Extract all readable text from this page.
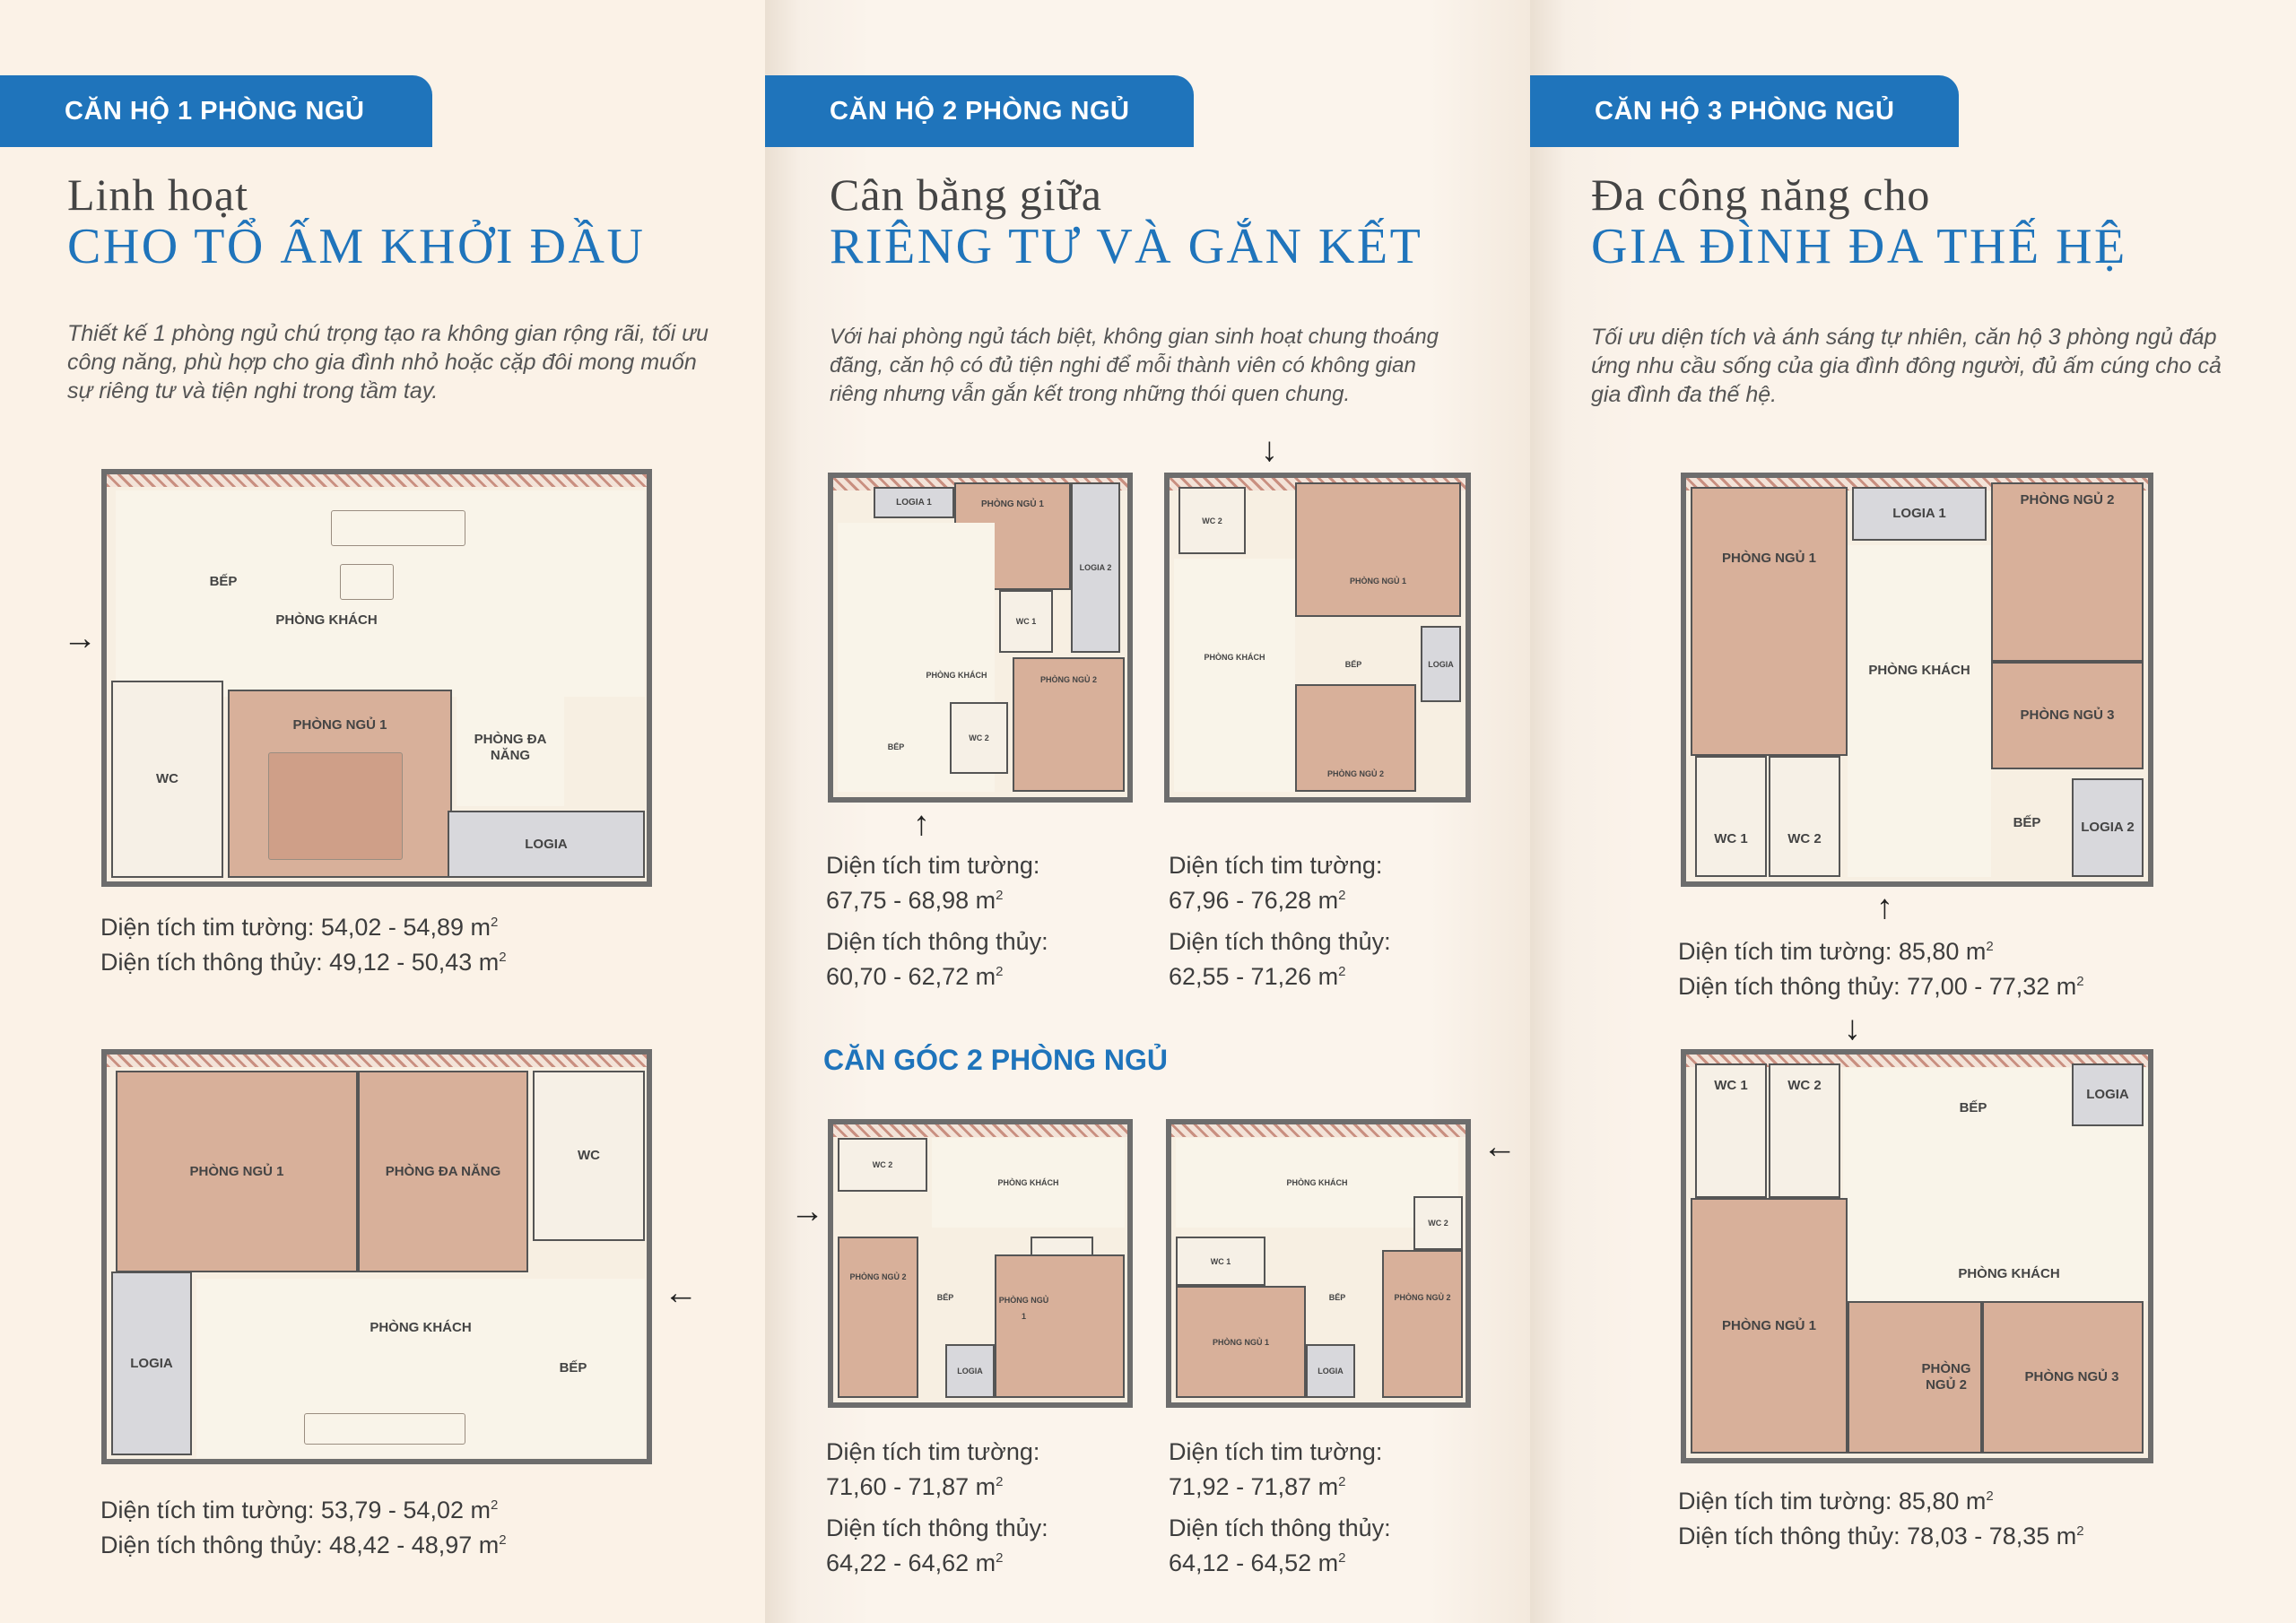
CĂN HỘ 1 PHÒNG NGỦ
Linh hoạt
CHO TỔ ẤM KHỞI ĐẦU
Thiết kế 1 phòng ngủ chú trọng tạo ra không gian rộng rãi, tối ưu công năng, phù hợp cho gia đình nhỏ hoặc cặp đôi mong muốn sự riêng tư và tiện nghi trong tầm tay.
PHÒNG KHÁCH
BẾP
WC
PHÒNG NGỦ 1
PHÒNG ĐA NĂNG
LOGIA
→
Diện tích tim tường: 54,02 - 54,89 $m^2$
Diện tích thông thủy: 49,12 - 50,43 $m^2$
PHÒNG NGỦ 1	PHÒNG ĐA NĂNG
WC
LOGIA
PHÒNG KHÁCH
BẾP
←
Diện tích tim tường: 53,79 - 54,02 $m^2$
Diện tích thông thủy: 48,42 - 48,97 $m^2$
CĂN HỘ 2 PHÒNG NGỦ
Cân bằng giữa
RIÊNG TƯ VÀ GẮN KẾT
Với hai phòng ngủ tách biệt, không gian sinh hoạt chung thoáng đãng, căn hộ có đủ tiện nghi để mỗi thành viên có không gian riêng nhưng vẫn gắn kết trong những thói quen chung.
LOGIA 1	PHÒNG NGỦ 1
LOGIA 2
WC 1
PHÒNG KHÁCH	PHÒNG NGỦ 2
BẾP
WC 2
↑
Diện tích tim tường:
67,75 - 68,98 $m^2$
Diện tích thông thủy:
60,70 - 62,72 $m^2$
WC 2
PHÒNG NGỦ 1
PHÒNG KHÁCH
BẾP	LOGIA
PHÒNG NGỦ 2
↓
Diện tích tim tường:
67,96 - 76,28 $m^2$
Diện tích thông thủy:
62,55 - 71,26 $m^2$
CĂN GÓC 2 PHÒNG NGỦ
WC 2
PHÒNG KHÁCH
PHÒNG NGỦ 2
BẾP	PHÒNG NGỦ 1
LOGIA
→
Diện tích tim tường:
71,60 - 71,87 $m^2$
Diện tích thông thủy:
64,22 - 64,62 $m^2$
PHÒNG KHÁCH
WC 2
WC 1
BẾP	PHÒNG NGỦ 2
PHÒNG NGỦ 1
LOGIA
←
Diện tích tim tường:
71,92 - 71,87 $m^2$
Diện tích thông thủy:
64,12 - 64,52 $m^2$
CĂN HỘ 3 PHÒNG NGỦ
Đa công năng cho
GIA ĐÌNH ĐA THẾ HỆ
Tối ưu diện tích và ánh sáng tự nhiên, căn hộ 3 phòng ngủ đáp ứng nhu cầu sống của gia đình đông người, đủ ấm cúng cho cả gia đình đa thế hệ.
PHÒNG NGỦ 1
LOGIA 1
PHÒNG NGỦ 2
PHÒNG KHÁCH
PHÒNG NGỦ 3
WC 1	WC 2
BẾP	LOGIA 2
↑
Diện tích tim tường: 85,80 $m^2$
Diện tích thông thủy: 77,00 - 77,32 $m^2$
WC 1	WC 2
PHÒNG KHÁCH
BẾP
LOGIA
PHÒNG NGỦ 1
PHÒNG NGỦ 2
PHÒNG NGỦ 3
↓
Diện tích tim tường: 85,80 $m^2$
Diện tích thông thủy: 78,03 - 78,35 $m^2$
